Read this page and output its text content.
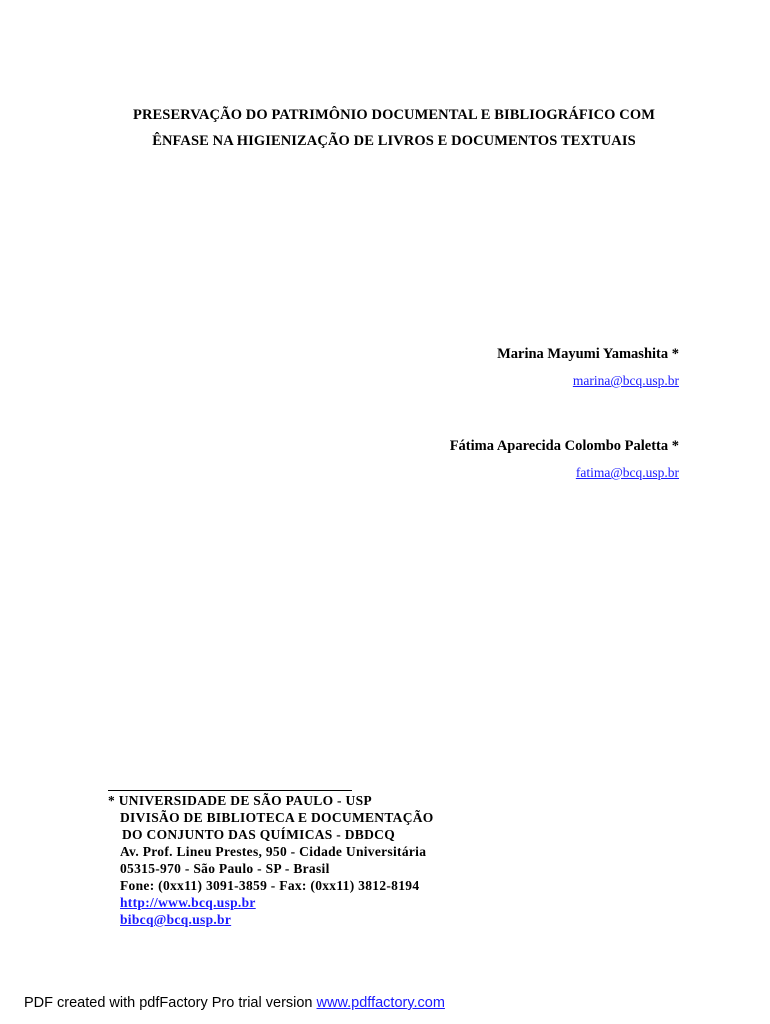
PRESERVAÇÃO DO PATRIMÔNIO DOCUMENTAL E BIBLIOGRÁFICO COM
ÊNFASE NA HIGIENIZAÇÃO DE LIVROS E DOCUMENTOS TEXTUAIS
Marina Mayumi Yamashita *
marina@bcq.usp.br
Fátima Aparecida Colombo Paletta *
fatima@bcq.usp.br
* UNIVERSIDADE DE SÃO PAULO - USP
DIVISÃO DE BIBLIOTECA E DOCUMENTAÇÃO
DO CONJUNTO DAS QUÍMICAS - DBDCQ
Av. Prof. Lineu Prestes, 950 - Cidade Universitária
05315-970 - São Paulo - SP - Brasil
Fone: (0xx11) 3091-3859 - Fax: (0xx11) 3812-8194
http://www.bcq.usp.br
bibcq@bcq.usp.br
PDF created with pdfFactory Pro trial version www.pdffactory.com
